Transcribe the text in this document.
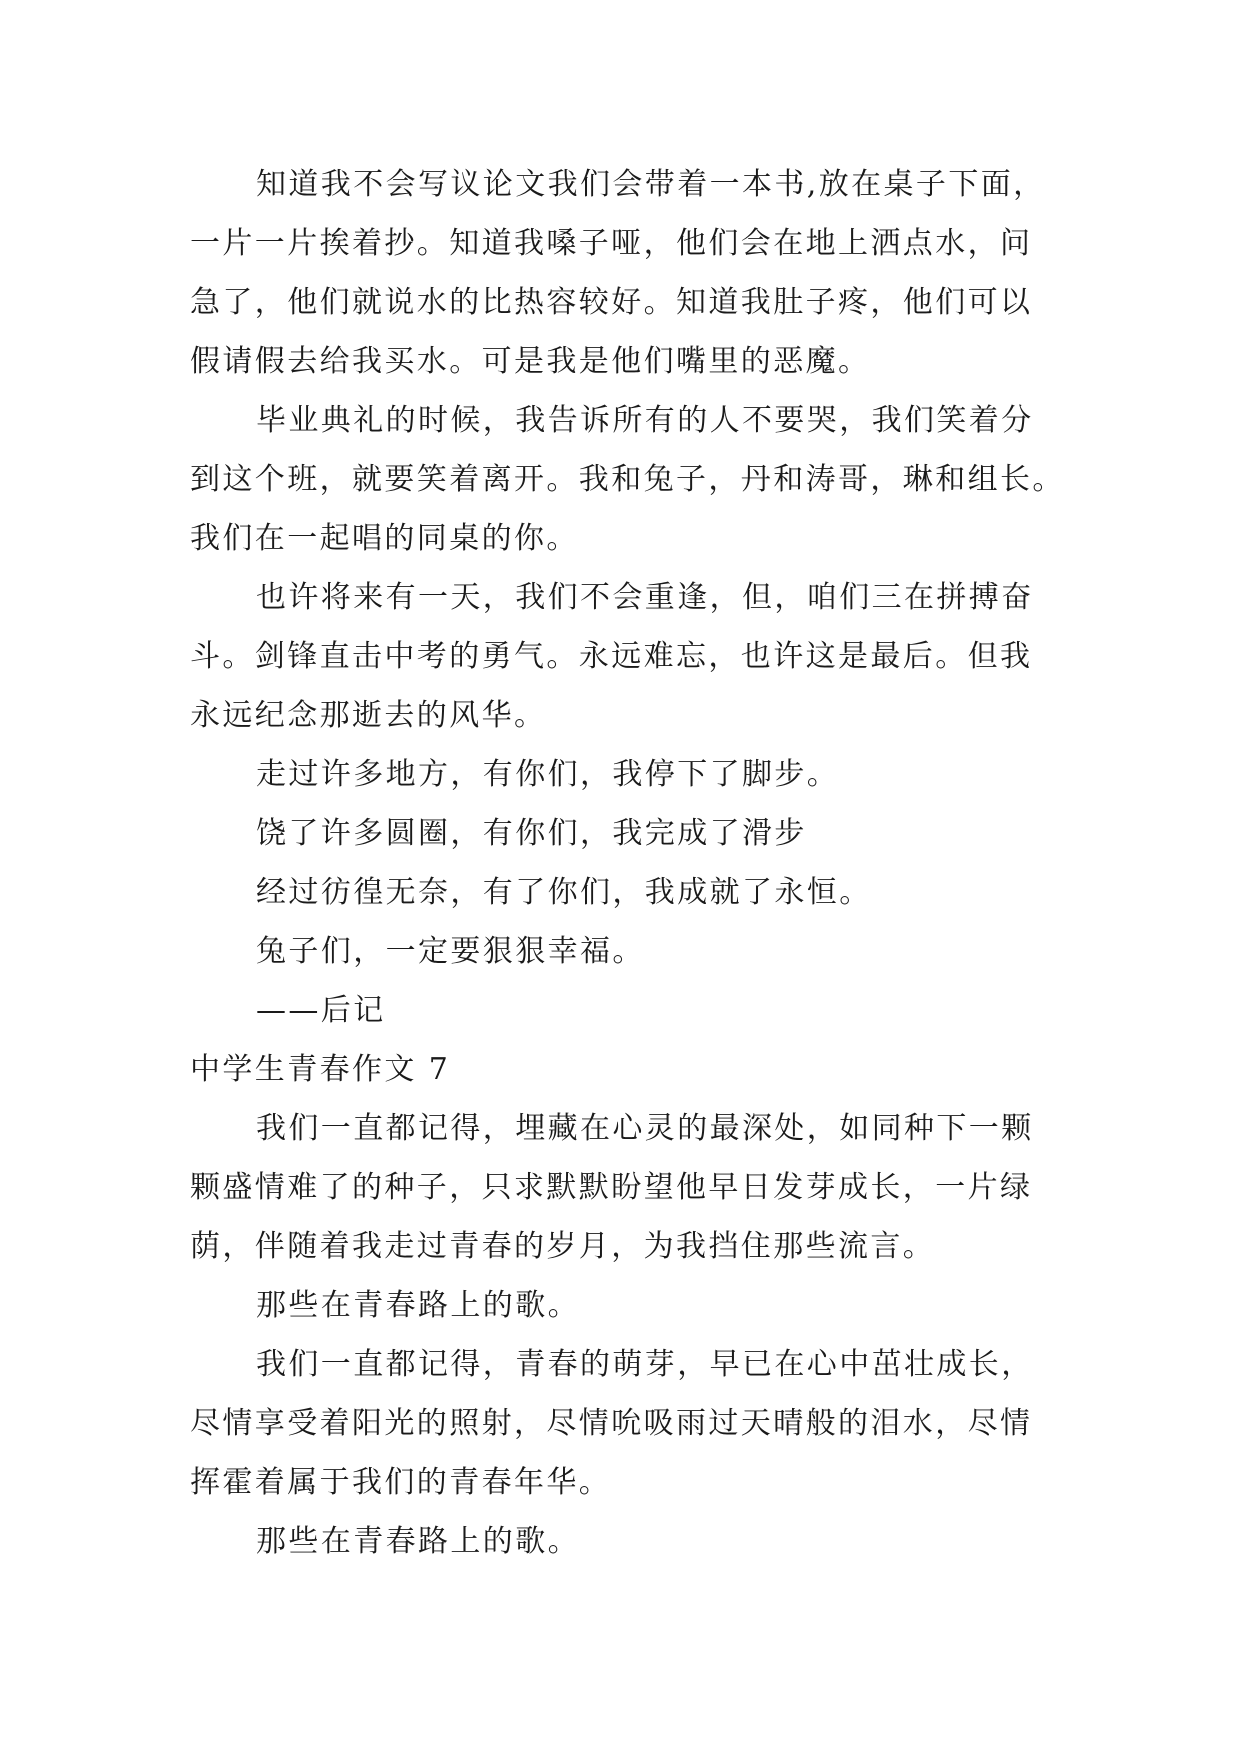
知道我不会写议论文我们会带着一本书,放在桌子下面，
一片一片挨着抄。知道我嗓子哑，他们会在地上洒点水，问
急了，他们就说水的比热容较好。知道我肚子疼，他们可以
假请假去给我买水。可是我是他们嘴里的恶魔。
毕业典礼的时候，我告诉所有的人不要哭，我们笑着分
到这个班，就要笑着离开。我和兔子，丹和涛哥，琳和组长。
我们在一起唱的同桌的你。
也许将来有一天，我们不会重逢，但，咱们三在拼搏奋
斗。剑锋直击中考的勇气。永远难忘，也许这是最后。但我
永远纪念那逝去的风华。
走过许多地方，有你们，我停下了脚步。
饶了许多圆圈，有你们，我完成了滑步
经过彷徨无奈，有了你们，我成就了永恒。
兔子们，一定要狠狠幸福。
——后记
中学生青春作文 7
我们一直都记得，埋藏在心灵的最深处，如同种下一颗
颗盛情难了的种子，只求默默盼望他早日发芽成长，一片绿
荫，伴随着我走过青春的岁月，为我挡住那些流言。
那些在青春路上的歌。
我们一直都记得，青春的萌芽，早已在心中茁壮成长，
尽情享受着阳光的照射，尽情吮吸雨过天晴般的泪水，尽情
挥霍着属于我们的青春年华。
那些在青春路上的歌。
